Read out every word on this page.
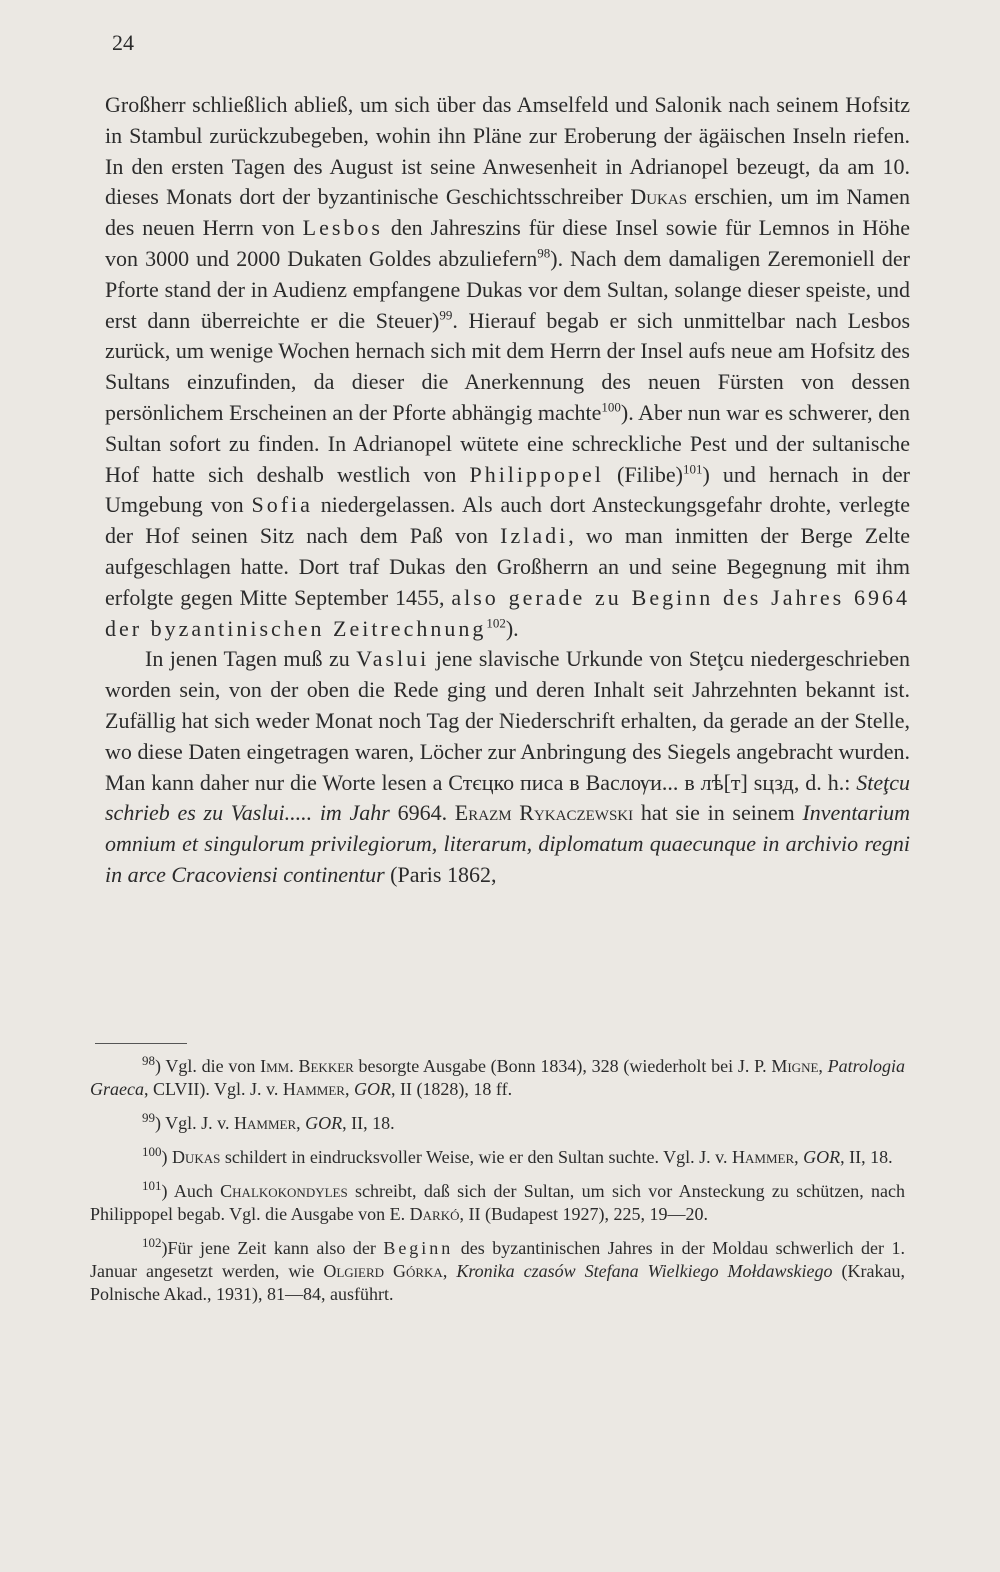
24

Großherr schließlich abließ, um sich über das Amselfeld und Salonik nach seinem Hofsitz in Stambul zurückzubegeben, wohin ihn Pläne zur Eroberung der ägäischen Inseln riefen. In den ersten Tagen des August ist seine Anwesenheit in Adrianopel bezeugt, da am 10. dieses Monats dort der byzantinische Geschichtsschreiber Dukas erschien, um im Namen des neuen Herrn von Lesbos den Jahreszins für diese Insel sowie für Lemnos in Höhe von 3000 und 2000 Dukaten Goldes abzuliefern$^{98}$). Nach dem damaligen Zeremoniell der Pforte stand der in Audienz empfangene Dukas vor dem Sultan, solange dieser speiste, und erst dann überreichte er die Steuer)$^{99}$. Hierauf begab er sich unmittelbar nach Lesbos zurück, um wenige Wochen hernach sich mit dem Herrn der Insel aufs neue am Hofsitz des Sultans einzufinden, da dieser die Anerkennung des neuen Fürsten von dessen persönlichem Erscheinen an der Pforte abhängig machte$^{100}$). Aber nun war es schwerer, den Sultan sofort zu finden. In Adrianopel wütete eine schreckliche Pest und der sultanische Hof hatte sich deshalb westlich von Philippopel (Filibe)$^{101}$) und hernach in der Umgebung von Sofia niedergelassen. Als auch dort Ansteckungsgefahr drohte, verlegte der Hof seinen Sitz nach dem Paß von Izladi, wo man inmitten der Berge Zelte aufgeschlagen hatte. Dort traf Dukas den Großherrn an und seine Begegnung mit ihm erfolgte gegen Mitte September 1455, also gerade zu Beginn des Jahres 6964 der byzantinischen Zeitrechnung$^{102}$).

In jenen Tagen muß zu Vaslui jene slavische Urkunde von Steţcu niedergeschrieben worden sein, von der oben die Rede ging und deren Inhalt seit Jahrzehnten bekannt ist. Zufällig hat sich weder Monat noch Tag der Niederschrift erhalten, da gerade an der Stelle, wo diese Daten eingetragen waren, Löcher zur Anbringung des Siegels angebracht wurden. Man kann daher nur die Worte lesen а Стєцко писа в Васлѹи... в лѣ[т] ѕцзд, d. h.: Steţcu schrieb es zu Vaslui..... im Jahr 6964. Erazm Rykaczewski hat sie in seinem Inventarium omnium et singulorum privilegiorum, literarum, diplomatum quaecunque in archivio regni in arce Cracoviensi continentur (Paris 1862,

$^{98}$) Vgl. die von Imm. Bekker besorgte Ausgabe (Bonn 1834), 328 (wiederholt bei J. P. Migne, Patrologia Graeca, CLVII). Vgl. J. v. Hammer, GOR, II (1828), 18 ff.

$^{99}$) Vgl. J. v. Hammer, GOR, II, 18.

$^{100}$) Dukas schildert in eindrucksvoller Weise, wie er den Sultan suchte. Vgl. J. v. Hammer, GOR, II, 18.

$^{101}$) Auch Chalkokondyles schreibt, daß sich der Sultan, um sich vor Ansteckung zu schützen, nach Philippopel begab. Vgl. die Ausgabe von E. Darkó, II (Budapest 1927), 225, 19—20.

$^{102}$)Für jene Zeit kann also der Beginn des byzantinischen Jahres in der Moldau schwerlich der 1. Januar angesetzt werden, wie Olgierd Górka, Kronika czasów Stefana Wielkiego Mołdawskiego (Krakau, Polnische Akad., 1931), 81—84, ausführt.
